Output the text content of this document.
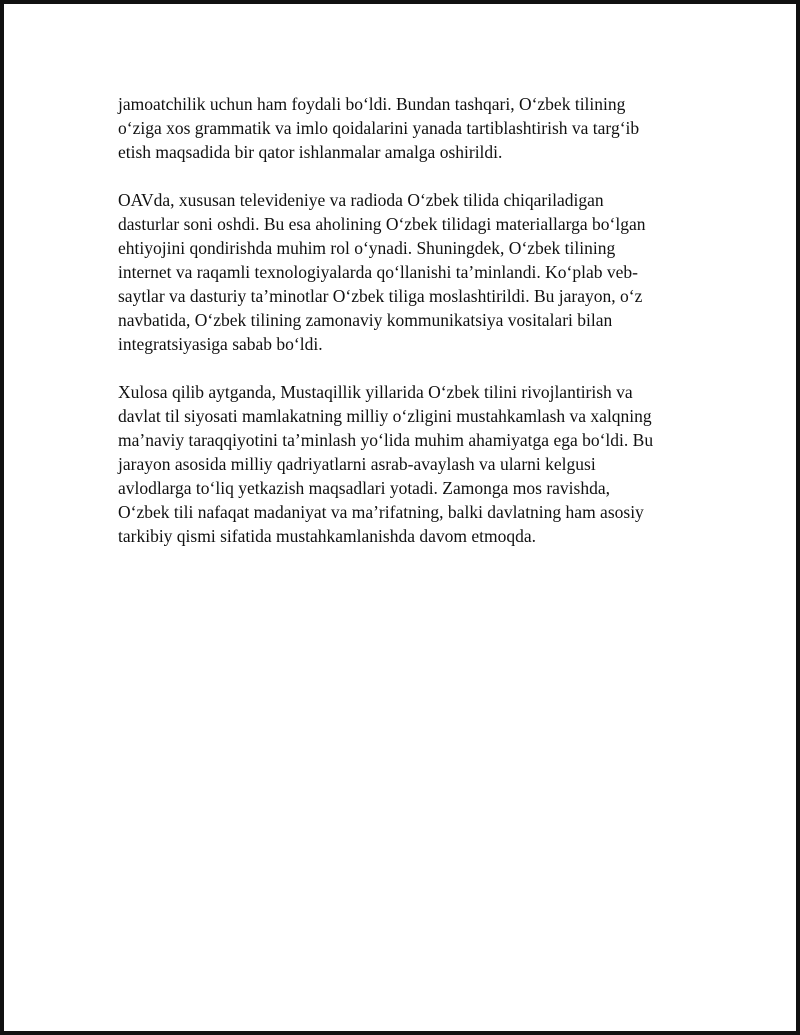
jamoatchilik uchun ham foydali bo‘ldi. Bundan tashqari, O‘zbek tilining
o‘ziga xos grammatik va imlo qoidalarini yanada tartiblashtirish va targ‘ib
etish maqsadida bir qator ishlanmalar amalga oshirildi.

OAVda, xususan televideniye va radioda O‘zbek tilida chiqariladigan
dasturlar soni oshdi. Bu esa aholining O‘zbek tilidagi materiallarga bo‘lgan
ehtiyojini qondirishda muhim rol o‘ynadi. Shuningdek, O‘zbek tilining
internet va raqamli texnologiyalarda qo‘llanishi ta’minlandi. Ko‘plab veb-
saytlar va dasturiy ta’minotlar O‘zbek tiliga moslashtirildi. Bu jarayon, o‘z
navbatida, O‘zbek tilining zamonaviy kommunikatsiya vositalari bilan
integratsiyasiga sabab bo‘ldi.

Xulosa qilib aytganda, Mustaqillik yillarida O‘zbek tilini rivojlantirish va
davlat til siyosati mamlakatning milliy o‘zligini mustahkamlash va xalqning
ma’naviy taraqqiyotini ta’minlash yo‘lida muhim ahamiyatga ega bo‘ldi. Bu
jarayon asosida milliy qadriyatlarni asrab-avaylash va ularni kelgusi
avlodlarga to‘liq yetkazish maqsadlari yotadi. Zamonga mos ravishda,
O‘zbek tili nafaqat madaniyat va ma’rifatning, balki davlatning ham asosiy
tarkibiy qismi sifatida mustahkamlanishda davom etmoqda.
